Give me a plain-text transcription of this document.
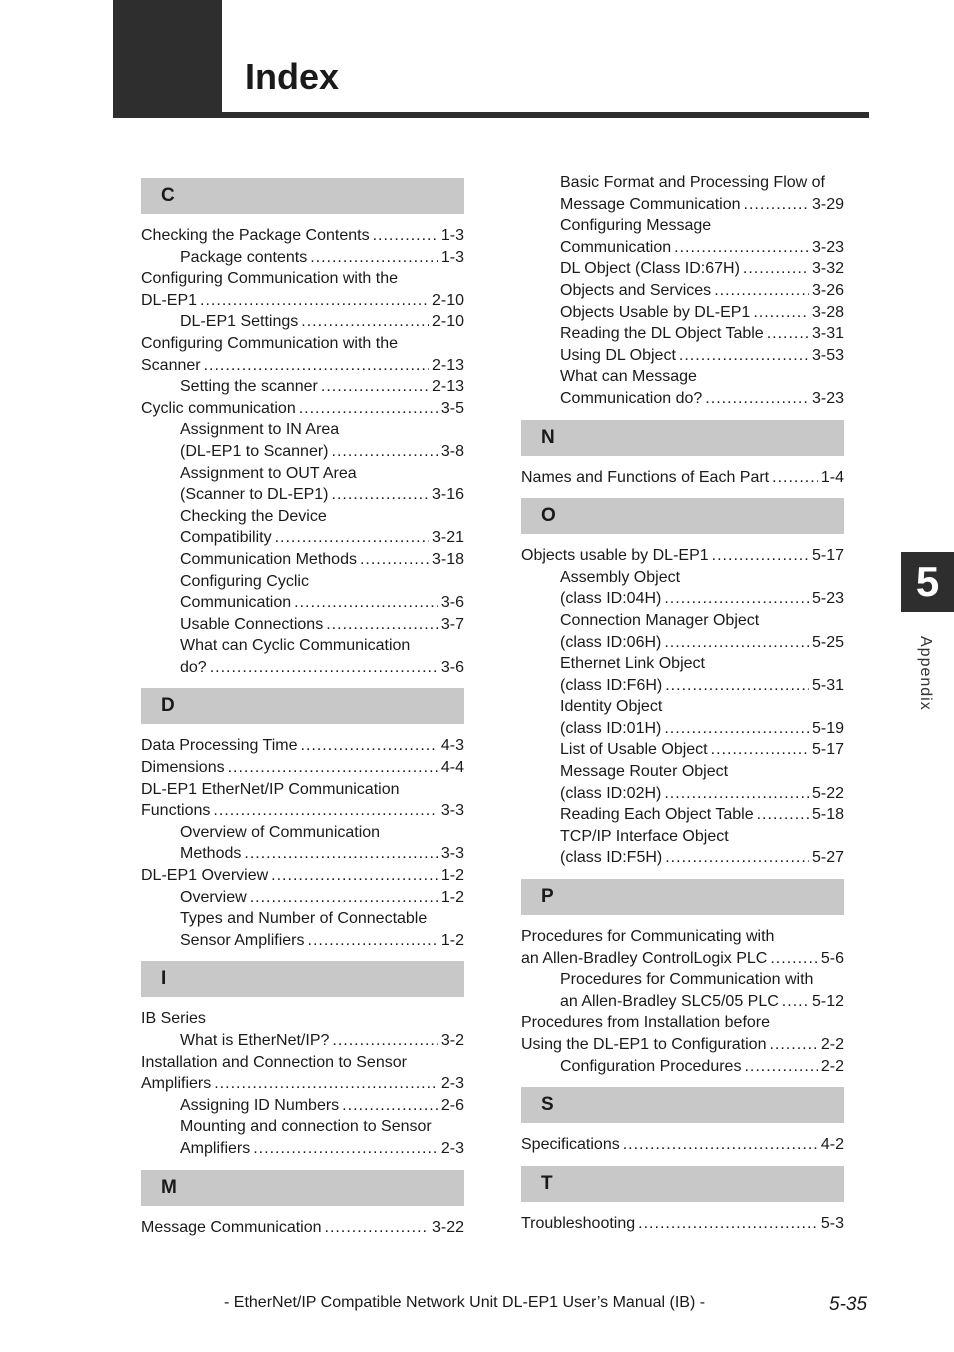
Index
C
Checking the Package Contents .....	1-3
Package contents .....	1-3
Configuring Communication with the
DL-EP1 .....	2-10
DL-EP1 Settings .....	2-10
Configuring Communication with the
Scanner .....	2-13
Setting the scanner .....	2-13
Cyclic communication .....	3-5
Assignment to IN Area
(DL-EP1 to Scanner) .....	3-8
Assignment to OUT Area
(Scanner to DL-EP1) .....	3-16
Checking the Device
Compatibility .....	3-21
Communication Methods .....	3-18
Configuring Cyclic
Communication .....	3-6
Usable Connections .....	3-7
What can Cyclic Communication
do? .....	3-6
D
Data Processing Time .....	4-3
Dimensions .....	4-4
DL-EP1 EtherNet/IP Communication
Functions .....	3-3
Overview of Communication
Methods .....	3-3
DL-EP1 Overview .....	1-2
Overview .....	1-2
Types and Number of Connectable
Sensor Amplifiers .....	1-2
I
IB Series
What is EtherNet/IP? .....	3-2
Installation and Connection to Sensor
Amplifiers .....	2-3
Assigning ID Numbers .....	2-6
Mounting and connection to Sensor
Amplifiers .....	2-3
M
Message Communication .....	3-22
Basic Format and Processing Flow of
Message Communication .....	3-29
Configuring Message
Communication .....	3-23
DL Object (Class ID:67H) .....	3-32
Objects and Services .....	3-26
Objects Usable by DL-EP1 .....	3-28
Reading the DL Object Table .....	3-31
Using DL Object .....	3-53
What can Message
Communication do? .....	3-23
N
Names and Functions of Each Part .....	1-4
O
Objects usable by DL-EP1 .....	5-17
Assembly Object
(class ID:04H) .....	5-23
Connection Manager Object
(class ID:06H) .....	5-25
Ethernet Link Object
(class ID:F6H) .....	5-31
Identity Object
(class ID:01H) .....	5-19
List of Usable Object .....	5-17
Message Router Object
(class ID:02H) .....	5-22
Reading Each Object Table .....	5-18
TCP/IP Interface Object
(class ID:F5H) .....	5-27
P
Procedures for Communicating with
an Allen-Bradley ControlLogix PLC .....	5-6
Procedures for Communication with
an Allen-Bradley SLC5/05 PLC ..... 5-12
Procedures from Installation before
Using the DL-EP1 to Configuration .....	2-2
Configuration Procedures .....	2-2
S
Specifications .....	4-2
T
Troubleshooting .....	5-3
5
Appendix
- EtherNet/IP Compatible Network Unit DL-EP1 User’s Manual (IB) -	5-35
